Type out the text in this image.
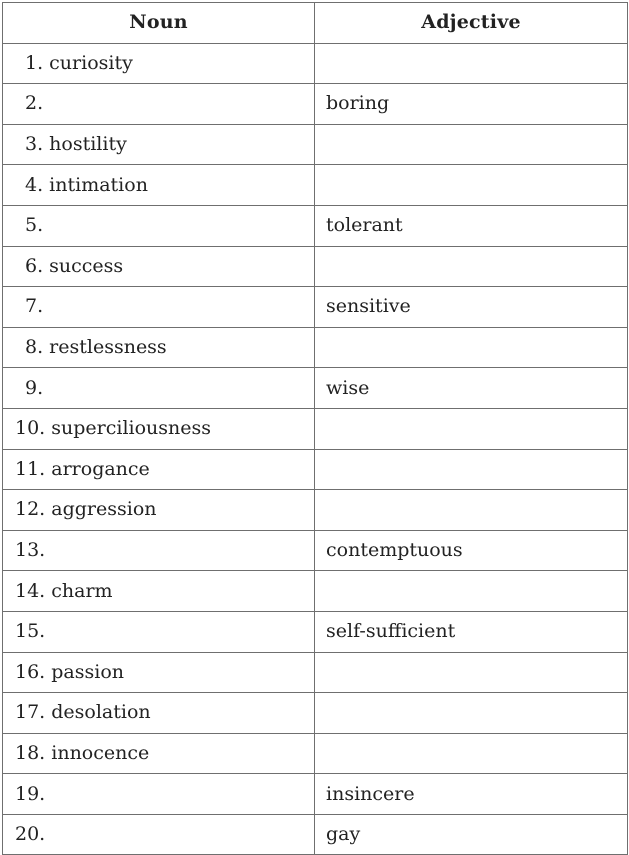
Noun	Adjective
1. curiosity	
2.	boring
3. hostility	
4. intimation	
5.	tolerant
6. success	
7.	sensitive
8. restlessness	
9.	wise
10. superciliousness	
11. arrogance	
12. aggression	
13.	contemptuous
14. charm	
15.	self-sufficient
16. passion	
17. desolation	
18. innocence	
19.	insincere
20.	gay
